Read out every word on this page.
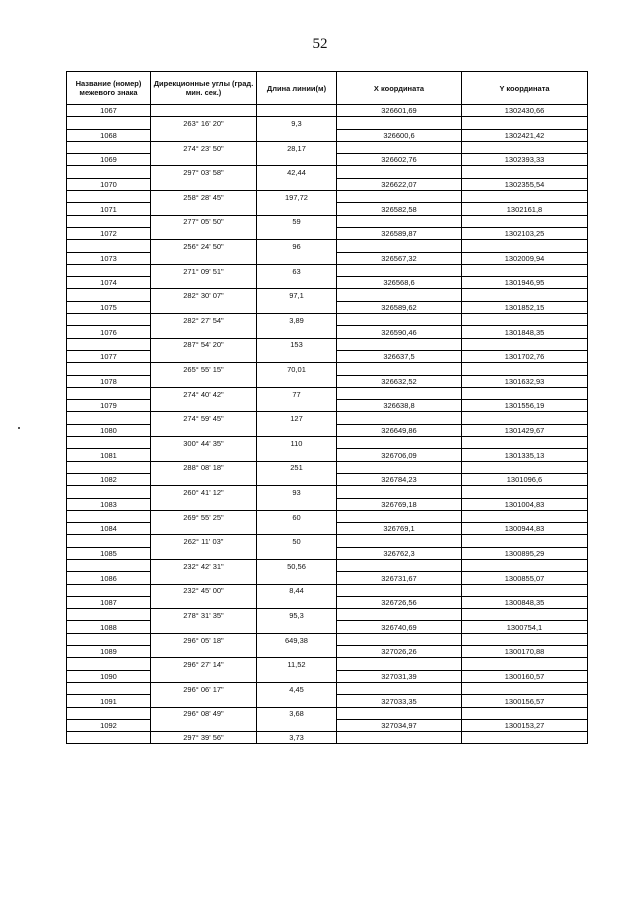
52
Название (номер) межевого знака	Дирекционные углы (град. мин. сек.)	Длина линии(м)	X координата	Y координата
1067			326601,69	1302430,66
	263° 16' 20"	9,3		
1068			326600,6	1302421,42
	274° 23' 50"	28,17		
1069			326602,76	1302393,33
	297° 03' 58"	42,44		
1070			326622,07	1302355,54
	258° 28' 45"	197,72		
1071			326582,58	1302161,8
	277° 05' 50"	59		
1072			326589,87	1302103,25
	256° 24' 50"	96		
1073			326567,32	1302009,94
	271° 09' 51"	63		
1074			326568,6	1301946,95
	282° 30' 07"	97,1		
1075			326589,62	1301852,15
	282° 27' 54"	3,89		
1076			326590,46	1301848,35
	287° 54' 20"	153		
1077			326637,5	1301702,76
	265° 55' 15"	70,01		
1078			326632,52	1301632,93
	274° 40' 42"	77		
1079			326638,8	1301556,19
	274° 59' 45"	127		
1080			326649,86	1301429,67
	300° 44' 35"	110		
1081			326706,09	1301335,13
	288° 08' 18"	251		
1082			326784,23	1301096,6
	260° 41' 12"	93		
1083			326769,18	1301004,83
	269° 55' 25"	60		
1084			326769,1	1300944,83
	262° 11' 03"	50		
1085			326762,3	1300895,29
	232° 42' 31"	50,56		
1086			326731,67	1300855,07
	232° 45' 00"	8,44		
1087			326726,56	1300848,35
	278° 31' 35"	95,3		
1088			326740,69	1300754,1
	296° 05' 18"	649,38		
1089			327026,26	1300170,88
	296° 27' 14"	11,52		
1090			327031,39	1300160,57
	296° 06' 17"	4,45		
1091			327033,35	1300156,57
	296° 08' 49"	3,68		
1092			327034,97	1300153,27
	297° 39' 56"	3,73		
